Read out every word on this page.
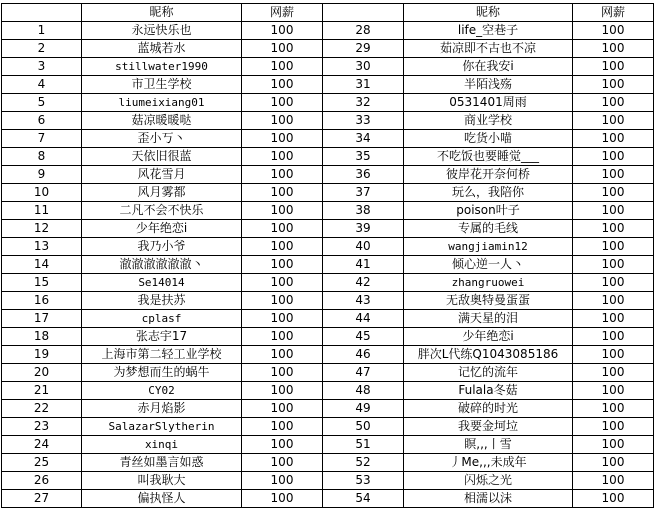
	昵称	网薪		昵称	网薪
1	永远快乐也	100	28	life_空巷子	100
2	蓝城若水	100	29	茹凉即不古也不凉	100
3	stillwater1990	100	30	你在我安i	100
4	市卫生学校	100	31	半陌浅殇	100
5	liumeixiang01	100	32	0531401周雨	100
6	菇凉暖暖哒	100	33	商业学校	100
7	歪小丂丶	100	34	吃货小喵	100
8	天依旧很蓝	100	35	不吃饭也要睡觉___	100
9	风花雪月	100	36	彼岸花开奈何桥	100
10	风月雾都	100	37	玩么，我陪你	100
11	二凡不会不快乐	100	38	poison叶子	100
12	少年绝恋i	100	39	专属的毛线	100
13	我乃小爷	100	40	wangjiamin12	100
14	澈澈澈澈澈澈丶	100	41	倾心逆一人丶	100
15	Se14014	100	42	zhangruowei	100
16	我是扶苏	100	43	无敌奥特曼蛋蛋	100
17	cplasf	100	44	满天星的泪	100
18	张志宇17	100	45	少年绝恋i	100
19	上海市第二轻工业学校	100	46	胖次L代练Q1043085186	100
20	为梦想而生的蜗牛	100	47	记忆的流年	100
21	CY02	100	48	Fulala冬菇	100
22	赤月焰影	100	49	破碎的时光	100
23	SalazarSlytherin	100	50	我要金坷垃	100
24	xinqi	100	51	瞑,,,丨雪	100
25	青丝如墨言如惑	100	52	丿Me,,,未成年	100
26	叫我耿大	100	53	闪烁之光	100
27	偏执怪人	100	54	相濡以沫	100
